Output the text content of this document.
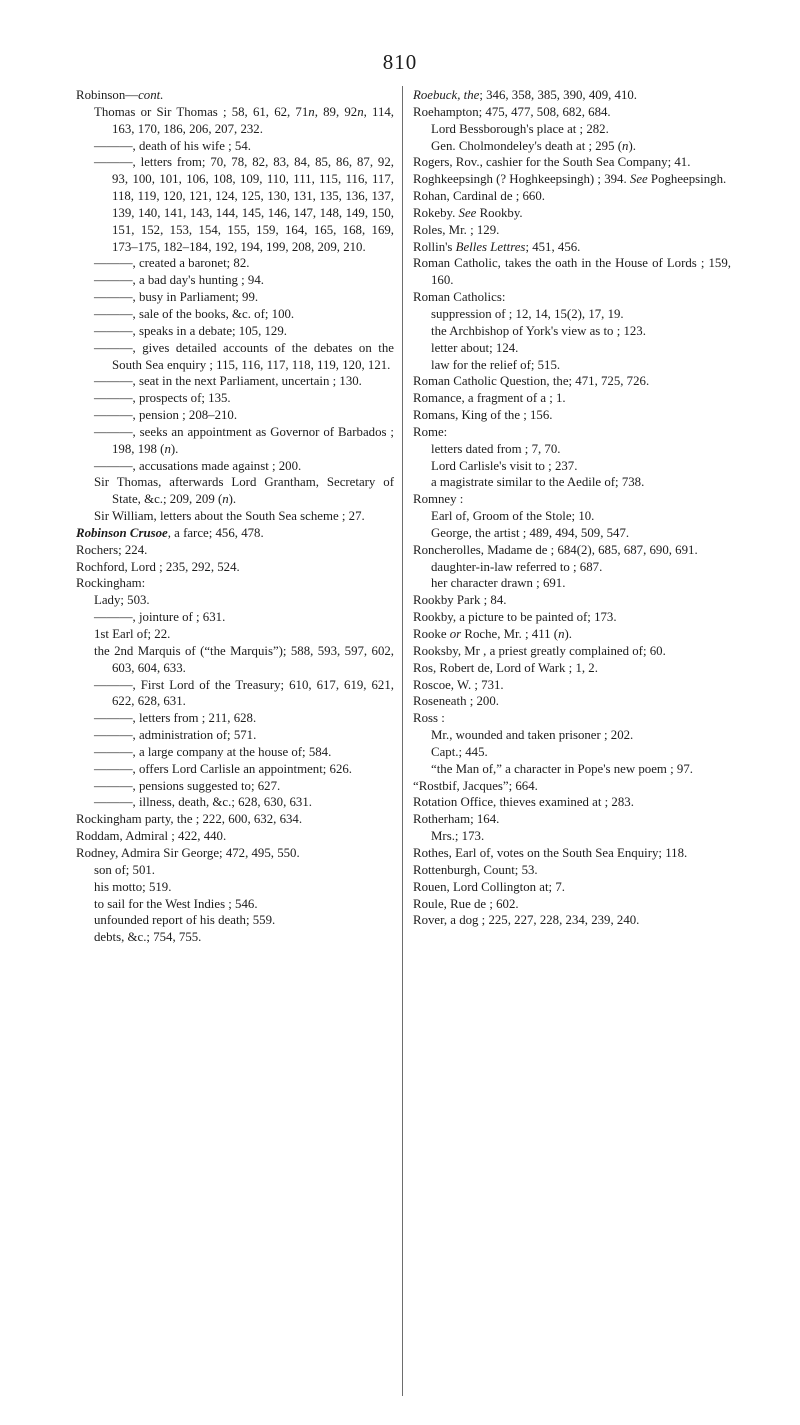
810
Robinson—cont.
Thomas or Sir Thomas ; 58, 61, 62, 71n, 89, 92n, 114, 163, 170, 186, 206, 207, 232.
———, death of his wife ; 54.
———, letters from; 70, 78, 82, 83, 84, 85, 86, 87, 92, 93, 100, 101, 106, 108, 109, 110, 111, 115, 116, 117, 118, 119, 120, 121, 124, 125, 130, 131, 135, 136, 137, 139, 140, 141, 143, 144, 145, 146, 147, 148, 149, 150, 151, 152, 153, 154, 155, 159, 164, 165, 168, 169, 173–175, 182–184, 192, 194, 199, 208, 209, 210.
———, created a baronet; 82.
———, a bad day's hunting ; 94.
———, busy in Parliament; 99.
———, sale of the books, &c. of; 100.
———, speaks in a debate; 105, 129.
———, gives detailed accounts of the debates on the South Sea enquiry ; 115, 116, 117, 118, 119, 120, 121.
———, seat in the next Parliament, uncertain ; 130.
———, prospects of; 135.
———, pension ; 208–210.
———, seeks an appointment as Governor of Barbados ; 198, 198 (n).
———, accusations made against ; 200.
Sir Thomas, afterwards Lord Grantham, Secretary of State, &c.; 209, 209 (n).
Sir William, letters about the South Sea scheme ; 27.
Robinson Crusoe, a farce; 456, 478.
Rochers; 224.
Rochford, Lord ; 235, 292, 524.
Rockingham:
Lady; 503.
———, jointure of ; 631.
1st Earl of; 22.
the 2nd Marquis of (“the Marquis”); 588, 593, 597, 602, 603, 604, 633.
———, First Lord of the Treasury; 610, 617, 619, 621, 622, 628, 631.
———, letters from ; 211, 628.
———, administration of; 571.
———, a large company at the house of; 584.
———, offers Lord Carlisle an appointment; 626.
———, pensions suggested to; 627.
———, illness, death, &c.; 628, 630, 631.
Rockingham party, the ; 222, 600, 632, 634.
Roddam, Admiral ; 422, 440.
Rodney, Admira Sir George; 472, 495, 550.
son of; 501.
his motto; 519.
to sail for the West Indies ; 546.
unfounded report of his death; 559.
debts, &c.; 754, 755.
Roebuck, the; 346, 358, 385, 390, 409, 410.
Roehampton; 475, 477, 508, 682, 684.
Lord Bessborough's place at ; 282.
Gen. Cholmondeley's death at ; 295 (n).
Rogers, Rov., cashier for the South Sea Company; 41.
Roghkeepsingh (? Hoghkeepsingh) ; 394. See Pogheepsingh.
Rohan, Cardinal de ; 660.
Rokeby. See Rookby.
Roles, Mr. ; 129.
Rollin's Belles Lettres; 451, 456.
Roman Catholic, takes the oath in the House of Lords ; 159, 160.
Roman Catholics:
suppression of ; 12, 14, 15(2), 17, 19.
the Archbishop of York's view as to ; 123.
letter about; 124.
law for the relief of; 515.
Roman Catholic Question, the; 471, 725, 726.
Romance, a fragment of a ; 1.
Romans, King of the ; 156.
Rome:
letters dated from ; 7, 70.
Lord Carlisle's visit to ; 237.
a magistrate similar to the Aedile of; 738.
Romney :
Earl of, Groom of the Stole; 10.
George, the artist ; 489, 494, 509, 547.
Roncherolles, Madame de ; 684(2), 685, 687, 690, 691.
daughter-in-law referred to ; 687.
her character drawn ; 691.
Rookby Park ; 84.
Rookby, a picture to be painted of; 173.
Rooke or Roche, Mr. ; 411 (n).
Rooksby, Mr , a priest greatly complained of; 60.
Ros, Robert de, Lord of Wark ; 1, 2.
Roscoe, W. ; 731.
Roseneath ; 200.
Ross :
Mr., wounded and taken prisoner ; 202.
Capt.; 445.
“the Man of,” a character in Pope's new poem ; 97.
“Rostbif, Jacques”; 664.
Rotation Office, thieves examined at ; 283.
Rotherham; 164.
Mrs.; 173.
Rothes, Earl of, votes on the South Sea Enquiry; 118.
Rottenburgh, Count; 53.
Rouen, Lord Collington at; 7.
Roule, Rue de ; 602.
Rover, a dog ; 225, 227, 228, 234, 239, 240.
